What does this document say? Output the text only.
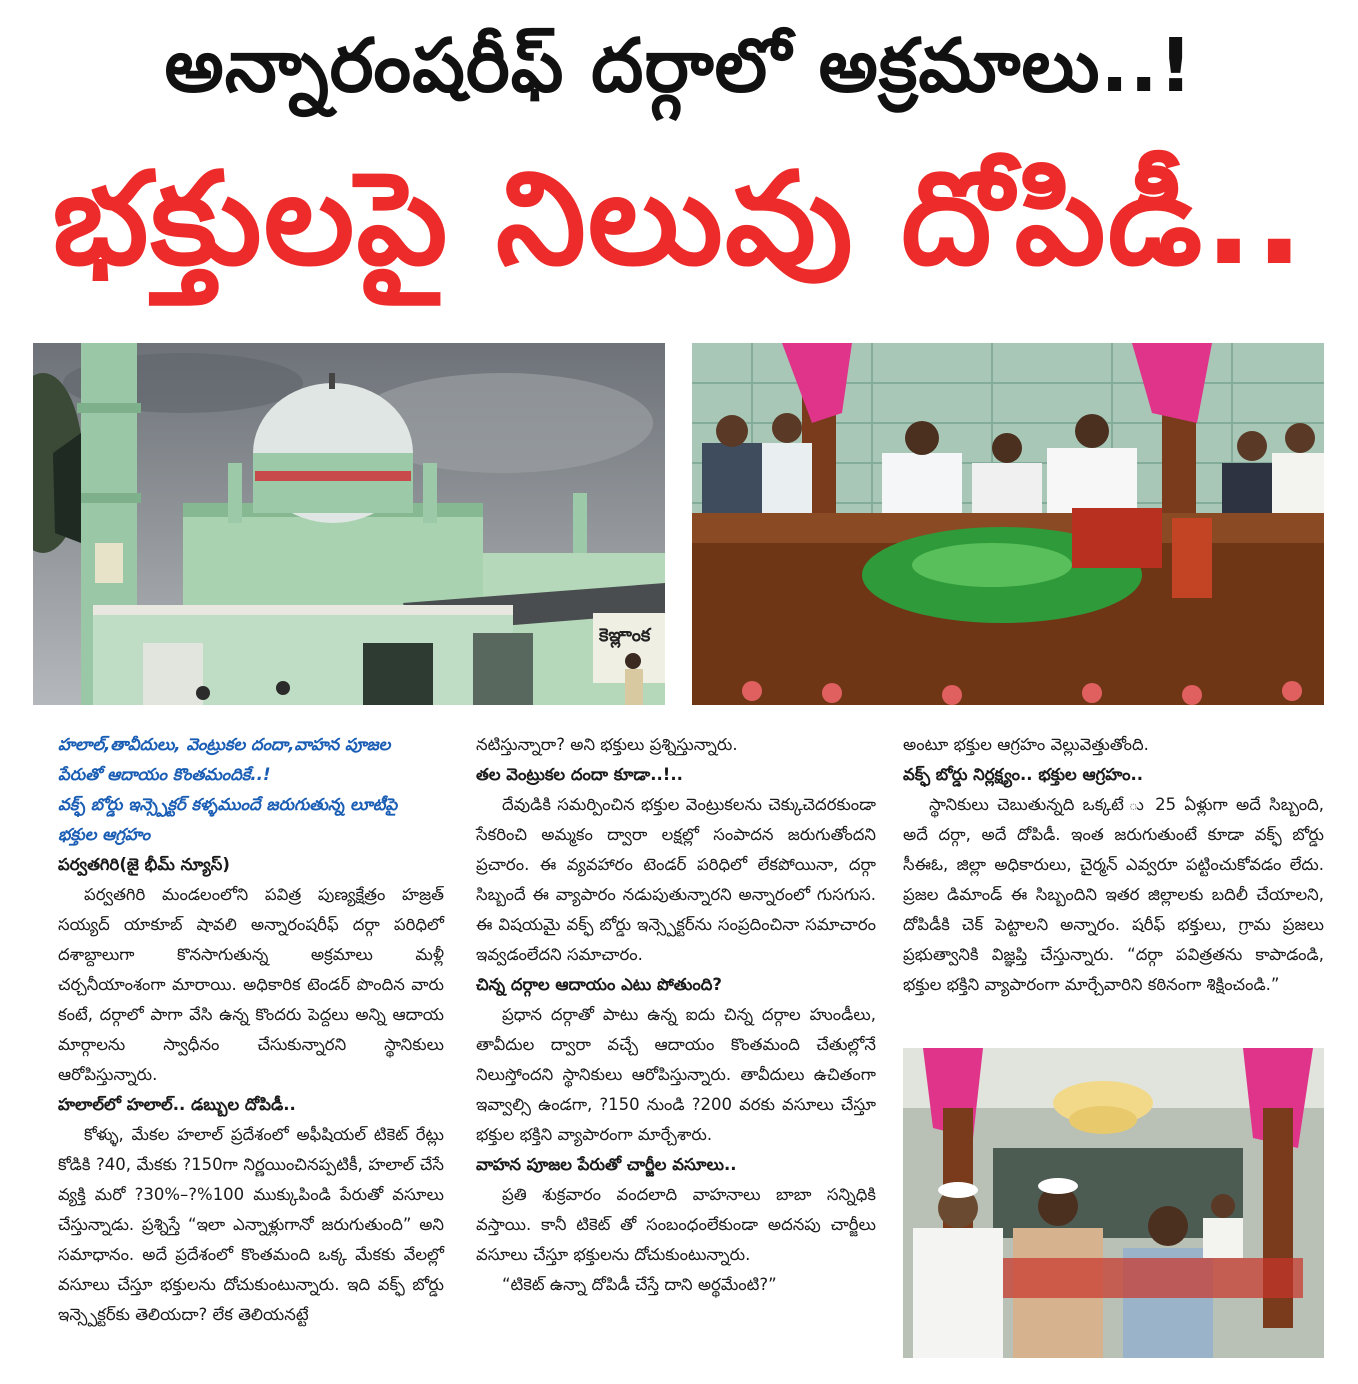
అన్నారంషరీఫ్ దర్గాలో అక్రమాలు..!
భక్తులపై నిలువు దోపిడీ..
కెఞ్లాంక

హలాల్,తావీదులు, వెంట్రుకల దందా,వాహన పూజల
పేరుతో ఆదాయం కొంతమందికే..!
వక్ఫ్ బోర్డు ఇన్స్పెక్టర్ కళ్ళముందే జరుగుతున్న లూటీపై
భక్తుల ఆగ్రహం

పర్వతగిరి(జై భీమ్ న్యూస్)

పర్వతగిరి మండలంలోని పవిత్ర పుణ్యక్షేత్రం హజ్రత్ సయ్యద్ యాకూబ్ షావలి అన్నారంషరీఫ్ దర్గా పరిధిలో దశాబ్దాలుగా కొనసాగుతున్న అక్రమాలు మళ్లీ చర్చనీయాంశంగా మారాయి. అధికారిక టెండర్ పొందిన వారు కంటే, దర్గాలో పాగా వేసి ఉన్న కొందరు పెద్దలు అన్ని ఆదాయ మార్గాలను స్వాధీనం చేసుకున్నారని స్థానికులు ఆరోపిస్తున్నారు.

హలాల్‌లో హలాల్.. డబ్బుల దోపిడీ..

కోళ్ళు, మేకల హలాల్ ప్రదేశంలో అఫీషియల్ టికెట్ రేట్లు కోడికి ?40, మేకకు ?150గా నిర్ణయించినప్పటికీ, హలాల్ చేసే వ్యక్తి మరో ?30%–?%100 ముక్కుపిండి పేరుతో వసూలు చేస్తున్నాడు. ప్రశ్నిస్తే “ఇలా ఎన్నాళ్లుగానో జరుగుతుంది” అని సమాధానం. అదే ప్రదేశంలో కొంతమంది ఒక్క మేకకు వేలల్లో వసూలు చేస్తూ భక్తులను దోచుకుంటున్నారు. ఇది వక్ఫ్ బోర్డు ఇన్స్పెక్టర్‌కు తెలియదా? లేక తెలియనట్టే

నటిస్తున్నారా? అని భక్తులు ప్రశ్నిస్తున్నారు.

తల వెంట్రుకల దందా కూడా..!..

దేవుడికి సమర్పించిన భక్తుల వెంట్రుకలను చెక్కుచెదరకుండా సేకరించి అమ్మకం ద్వారా లక్షల్లో సంపాదన జరుగుతోందని ప్రచారం. ఈ వ్యవహారం టెండర్ పరిధిలో లేకపోయినా, దర్గా సిబ్బందే ఈ వ్యాపారం నడుపుతున్నారని అన్నారంలో గుసగుస. ఈ విషయమై వక్ఫ్ బోర్డు ఇన్స్పెక్టర్‌ను సంప్రదించినా సమాచారం ఇవ్వడంలేదని సమాచారం.

చిన్న దర్గాల ఆదాయం ఎటు పోతుంది?

ప్రధాన దర్గాతో పాటు ఉన్న ఐదు చిన్న దర్గాల హుండీలు, తావీదుల ద్వారా వచ్చే ఆదాయం కొంతమంది చేతుల్లోనే నిలుస్తోందని స్థానికులు ఆరోపిస్తున్నారు. తావీదులు ఉచితంగా ఇవ్వాల్సి ఉండగా, ?150 నుండి ?200 వరకు వసూలు చేస్తూ భక్తుల భక్తిని వ్యాపారంగా మార్చేశారు.

వాహన పూజల పేరుతో చార్జీల వసూలు..

ప్రతి శుక్రవారం వందలాది వాహనాలు బాబా సన్నిధికి వస్తాయి. కానీ టికెట్ తో సంబంధంలేకుండా అదనపు చార్జీలు వసూలు చేస్తూ భక్తులను దోచుకుంటున్నారు.

“టికెట్ ఉన్నా దోపిడీ చేస్తే దాని అర్థమేంటి?”

అంటూ భక్తుల ఆగ్రహం వెల్లువెత్తుతోంది.

వక్ఫ్ బోర్డు నిర్లక్ష్యం.. భక్తుల ఆగ్రహం..

స్థానికులు చెబుతున్నది ఒక్కటే ు 25 ఏళ్లుగా అదే సిబ్బంది, అదే దర్గా, అదే దోపిడీ. ఇంత జరుగుతుంటే కూడా వక్ఫ్ బోర్డు సీఈఓ, జిల్లా అధికారులు, చైర్మన్ ఎవ్వరూ పట్టించుకోవడం లేదు. ప్రజల డిమాండ్ ఈ సిబ్బందిని ఇతర జిల్లాలకు బదిలీ చేయాలని, దోపిడీకి చెక్ పెట్టాలని అన్నారం. షరీఫ్ భక్తులు, గ్రామ ప్రజలు ప్రభుత్వానికి విజ్ఞప్తి చేస్తున్నారు. “దర్గా పవిత్రతను కాపాడండి, భక్తుల భక్తిని వ్యాపారంగా మార్చేవారిని కఠినంగా శిక్షించండి.”
